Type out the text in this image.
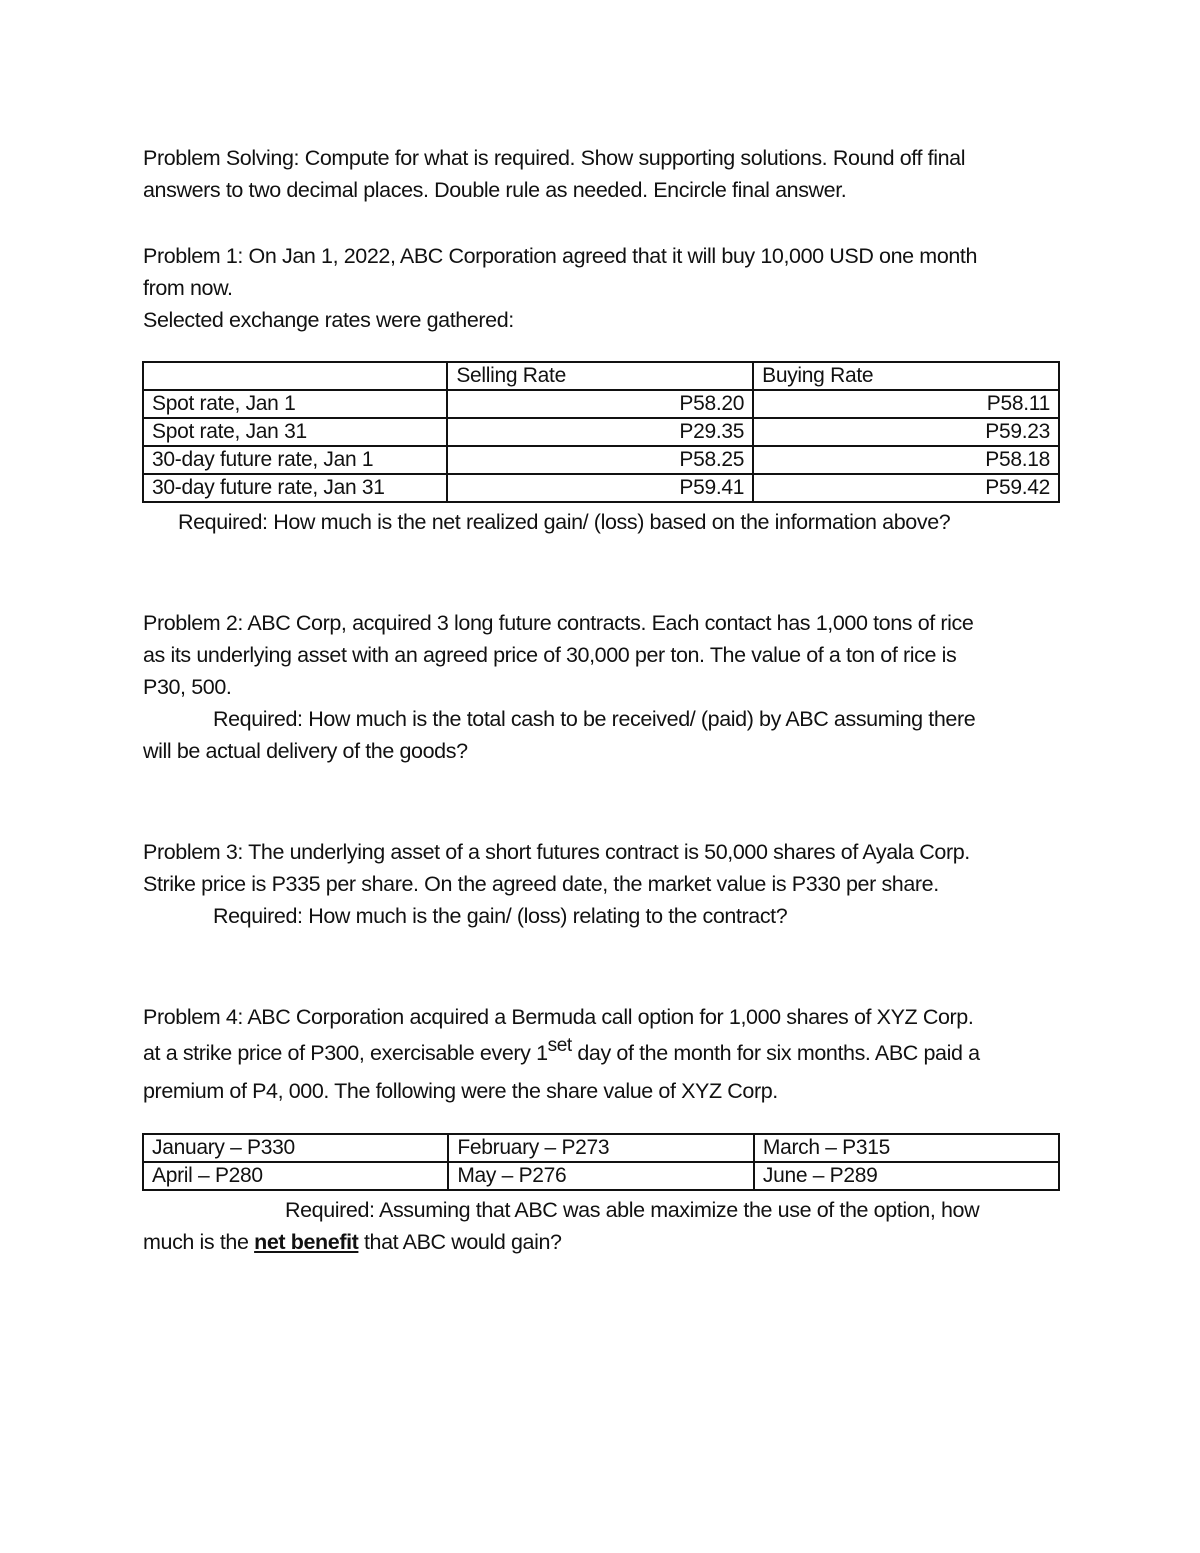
Problem Solving: Compute for what is required. Show supporting solutions. Round off final
answers to two decimal places. Double rule as needed. Encircle final answer.

Problem 1: On Jan 1, 2022, ABC Corporation agreed that it will buy 10,000 USD one month
from now.
Selected exchange rates were gathered:

	Selling Rate	Buying Rate
Spot rate, Jan 1	P58.20	P58.11
Spot rate, Jan 31	P29.35	P59.23
30-day future rate, Jan 1	P58.25	P58.18
30-day future rate, Jan 31	P59.41	P59.42
Required: How much is the net realized gain/ (loss) based on the information above?

Problem 2: ABC Corp, acquired 3 long future contracts. Each contact has 1,000 tons of rice
as its underlying asset with an agreed price of 30,000 per ton. The value of a ton of rice is
P30, 500.
Required: How much is the total cash to be received/ (paid) by ABC assuming there
will be actual delivery of the goods?

Problem 3: The underlying asset of a short futures contract is 50,000 shares of Ayala Corp.
Strike price is P335 per share. On the agreed date, the market value is P330 per share.
Required: How much is the gain/ (loss) relating to the contract?

Problem 4: ABC Corporation acquired a Bermuda call option for 1,000 shares of XYZ Corp.
at a strike price of P300, exercisable every 1set day of the month for six months. ABC paid a
premium of P4, 000. The following were the share value of XYZ Corp.

January – P330	February – P273	March – P315
April – P280	May – P276	June – P289
Required: Assuming that ABC was able maximize the use of the option, how
much is the net benefit that ABC would gain?
